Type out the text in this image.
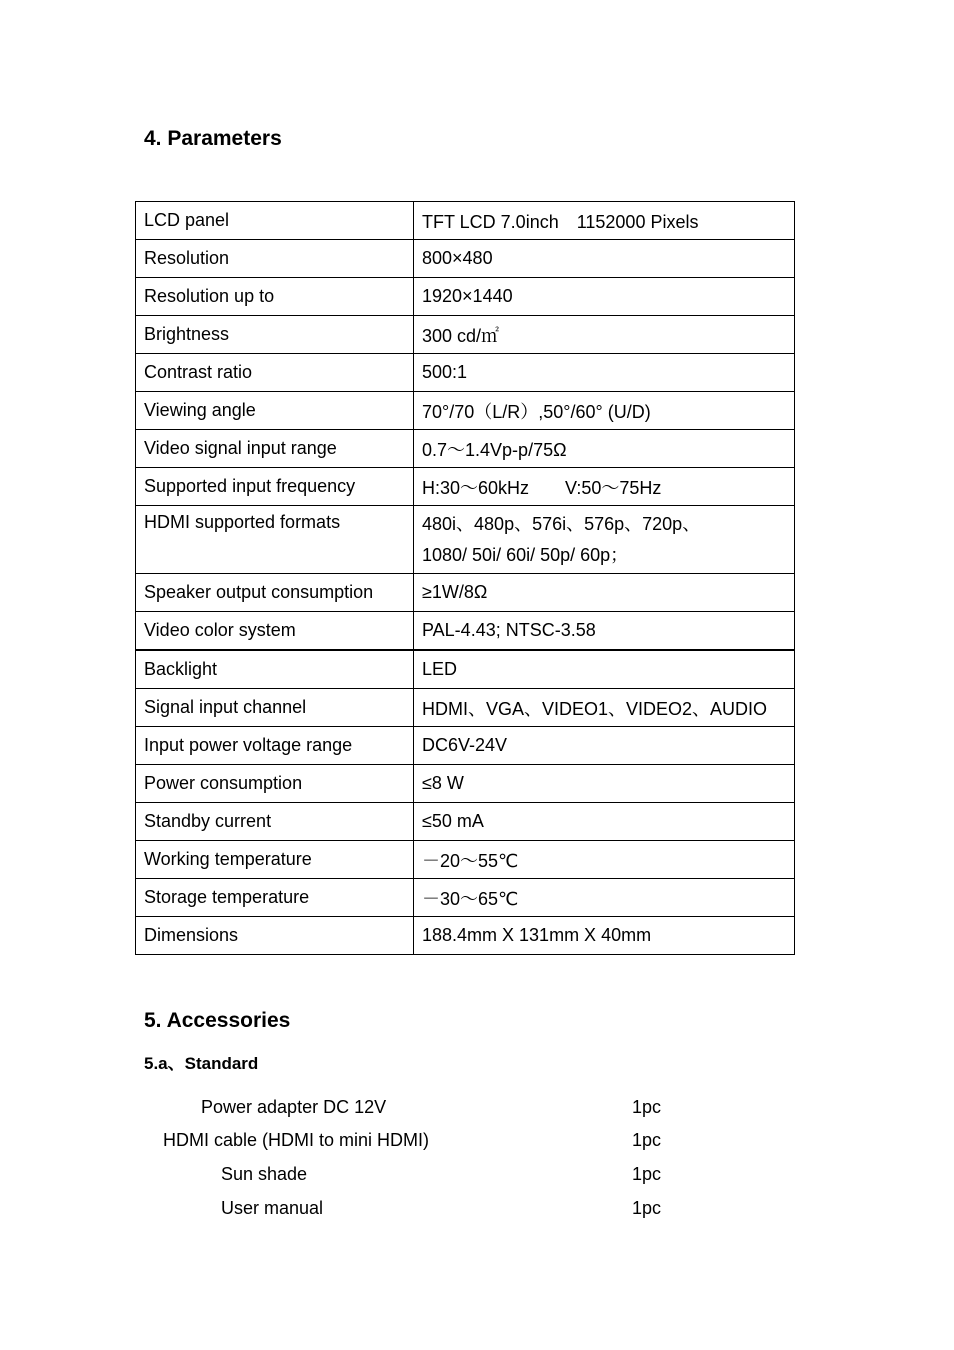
4. Parameters
LCD panel	TFT LCD 7.0inch　1152000 Pixels
Resolution	800×480
Resolution up to	1920×1440
Brightness	300 cd/㎡
Contrast ratio	500:1
Viewing angle	70°/70（L/R）,50°/60° (U/D)
Video signal input range	0.7～1.4Vp-p/75Ω
Supported input frequency	H:30～60kHz　　V:50～75Hz
HDMI supported formats	480i、480p、576i、576p、720p、
1080/ 50i/ 60i/ 50p/ 60p；

Speaker output consumption	≥1W/8Ω
Video color system	PAL-4.43; NTSC-3.58
Backlight	LED
Signal input channel	HDMI、VGA、VIDEO1、VIDEO2、AUDIO
Input power voltage range	DC6V-24V
Power consumption	≤8 W
Standby current	≤50 mA
Working temperature	－20～55℃
Storage temperature	－30～65℃
Dimensions	188.4mm X 131mm X 40mm
5. Accessories
5.a、Standard
Power adapter DC 12V	1pc
HDMI cable (HDMI to mini HDMI)	1pc
Sun shade	1pc
User manual	1pc
